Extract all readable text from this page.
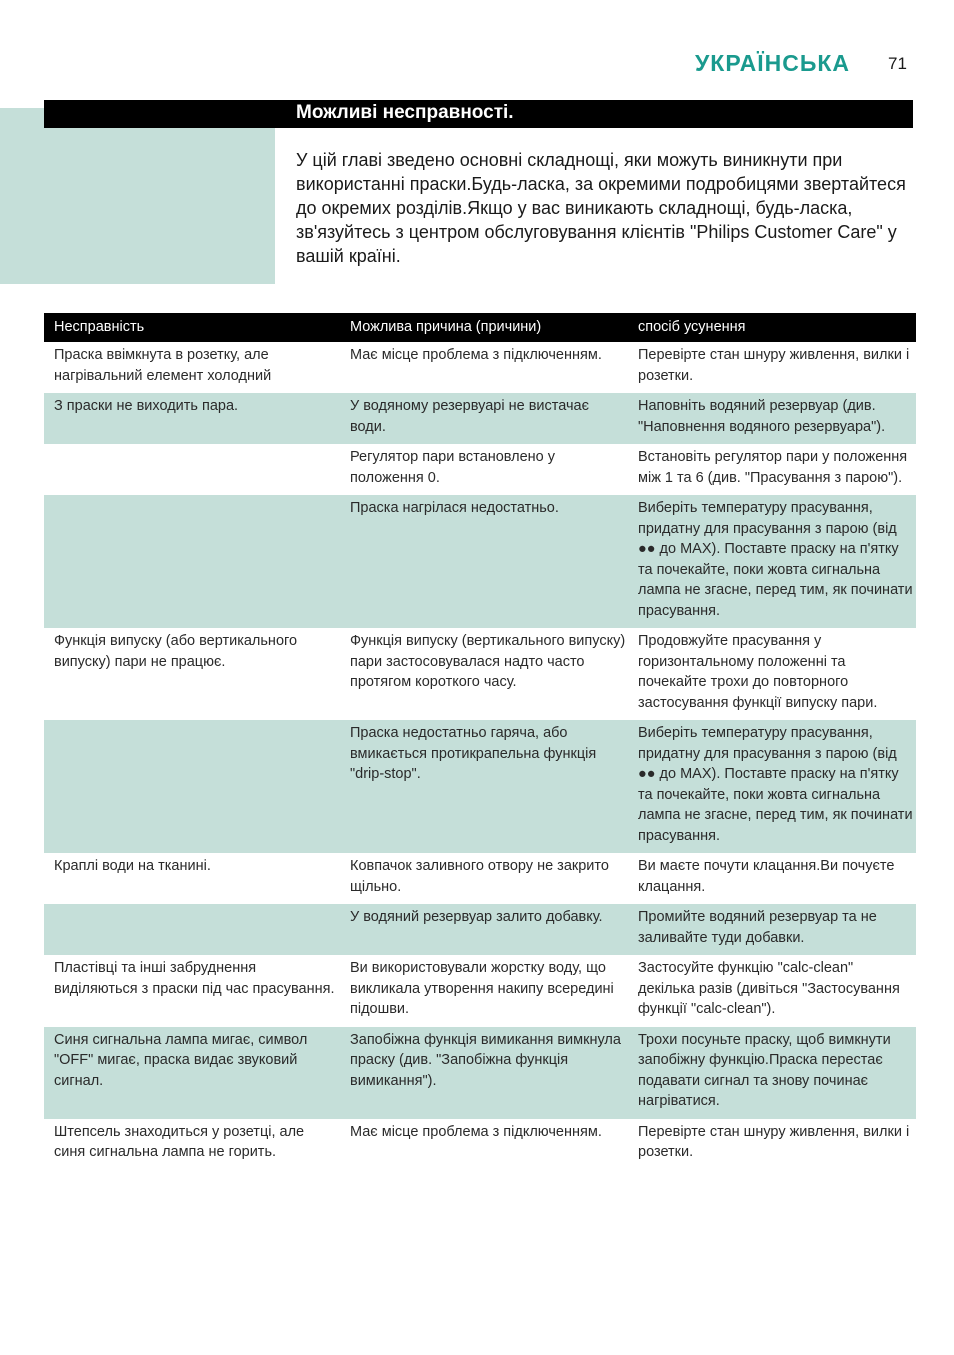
УКРАЇНСЬКА 71
Можливі несправності.
У цій главі зведено основні складнощі, яки можуть виникнути при використанні праски.Будь-ласка, за окремими подробицями звертайтеся до окремих розділів.Якщо у вас виникають складнощі, будь-ласка, зв'язуйтесь з центром обслуговування клієнтів "Philips Customer Care" у вашій країні.
Несправність	Можлива причина (причини)	спосіб усунення
Праска ввімкнута в розетку, але нагрівальний елемент холодний	Має місце проблема з підключенням.	Перевірте стан шнуру живлення, вилки і розетки.
З праски не виходить пара.	У водяному резервуарі не вистачає води.	Наповніть водяний резервуар (див. "Наповнення водяного резервуара").
	Регулятор пари встановлено у положення 0.	Встановіть регулятор пари у положення між 1 та 6 (див. "Прасування з парою").
	Праска нагрілася недостатньо.	Виберіть температуру прасування, придатну для прасування з парою (від ●● до MAX). Поставте праску на п'ятку та почекайте, поки жовта сигнальна лампа не згасне, перед тим, як починати прасування.
Функція випуску (або вертикального випуску) пари не працює.	Функція випуску (вертикального випуску) пари застосовувалася надто часто протягом короткого часу.	Продовжуйте прасування у горизонтальному положенні та почекайте трохи до повторного застосування функції випуску пари.
	Праска недостатньо гаряча, або вмикається протикрапельна функція "drip-stop".	Виберіть температуру прасування, придатну для прасування з парою (від ●● до MAX). Поставте праску на п'ятку та почекайте, поки жовта сигнальна лампа не згасне, перед тим, як починати прасування.
Краплі води на тканині.	Ковпачок заливного отвору не закрито щільно.	Ви маєте почути клацання.Ви почуєте клацання.
	У водяний резервуар залито добавку.	Промийте водяний резервуар та не заливайте туди добавки.
Пластівці та інші забруднення виділяються з праски під час прасування.	Ви використовували жорстку воду, що викликала утворення накипу всередині підошви.	Застосуйте функцію "calc-clean" декілька разів (дивіться "Застосування функції "calc-clean").
Синя сигнальна лампа мигає, символ "OFF" мигає, праска видає звуковий сигнал.	Запобіжна функція вимикання вимкнула праску (див. "Запобіжна функція вимикання").	Трохи посуньте праску, щоб вимкнути запобіжну функцію.Праска перестає подавати сигнал та знову починає нагріватися.
Штепсель знаходиться у розетці, але синя сигнальна лампа не горить.	Має місце проблема з підключенням.	Перевірте стан шнуру живлення, вилки і розетки.
